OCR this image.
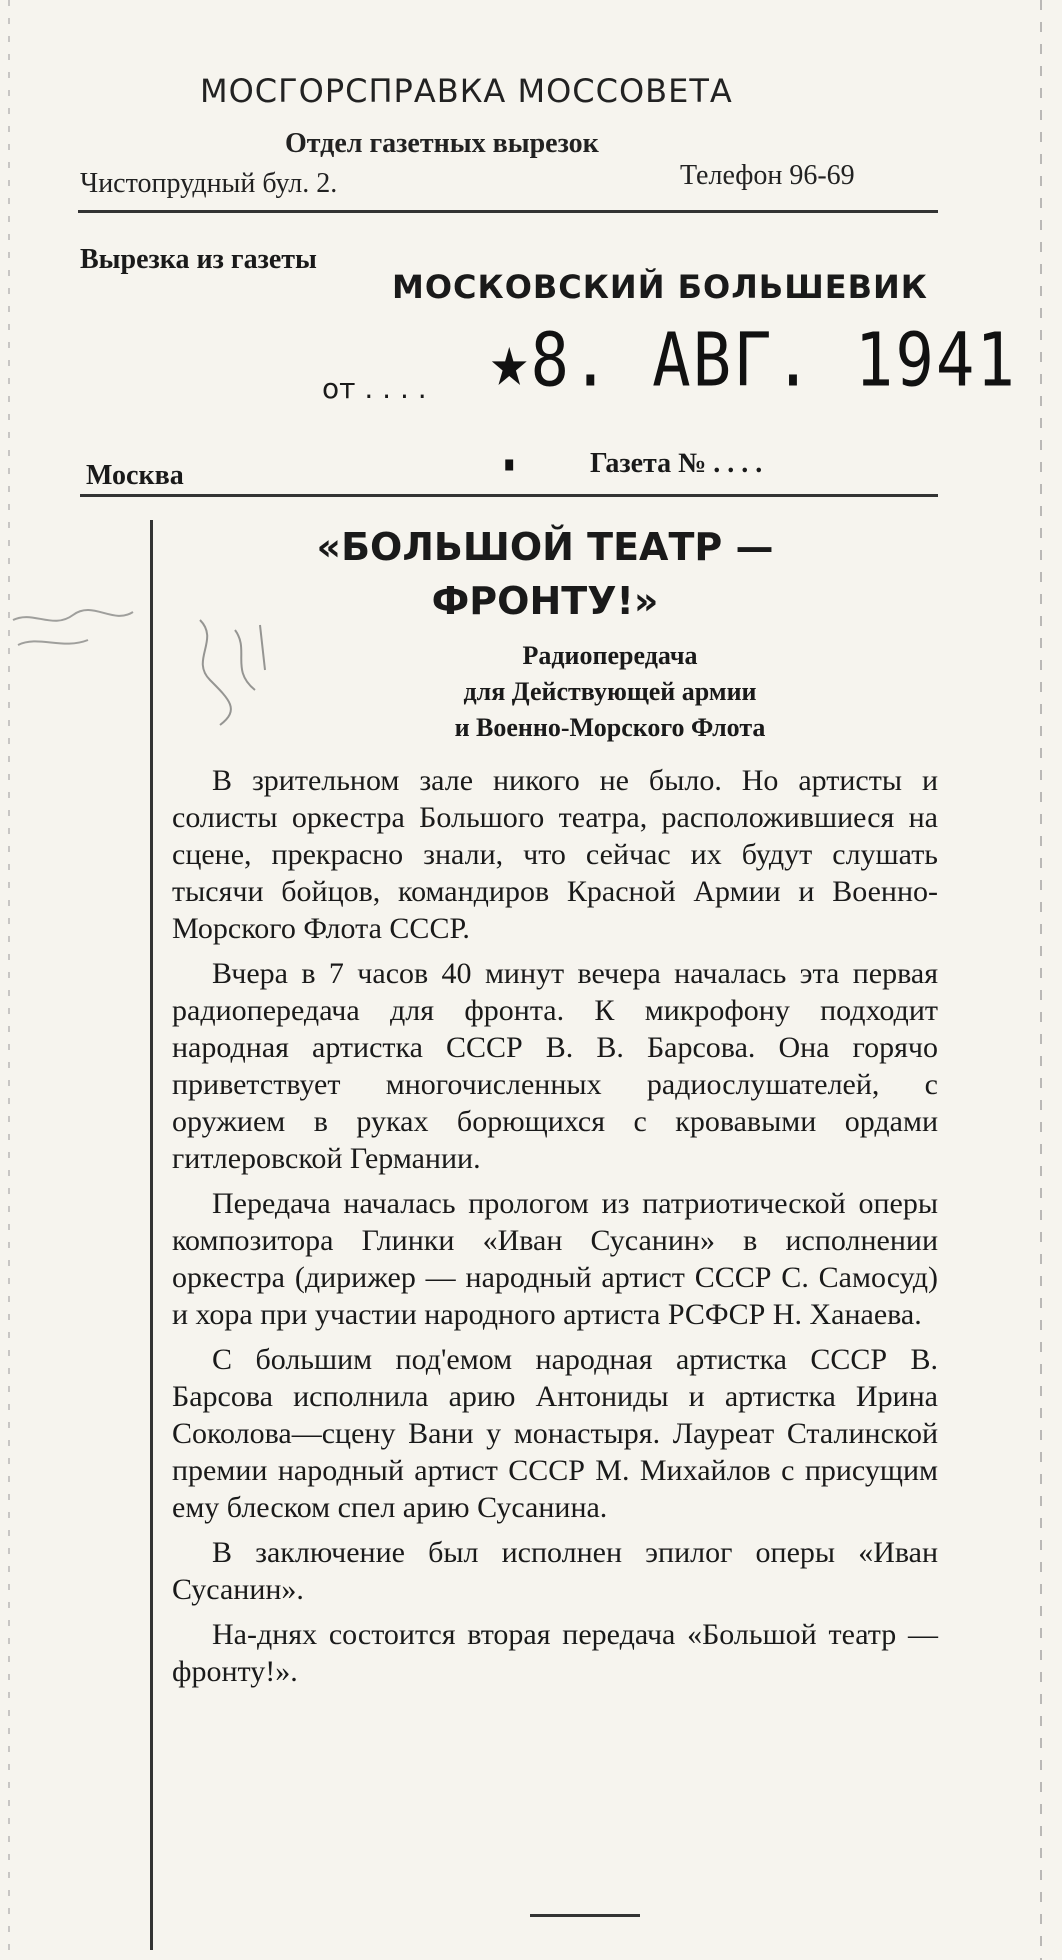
МОСГОРСПРАВКА МОССОВЕТА
Отдел газетных вырезок
Чистопрудный бул. 2.	Телефон 96-69
Вырезка из газеты
МОСКОВСКИЙ БОЛЬШЕВИК
от . . . . ★8. АВГ. 1941 .
Москва	Газета № . . . .
«БОЛЬШОЙ ТЕАТР —
ФРОНТУ!»
Радиопередача
для Действующей армии
и Военно-Морского Флота

В зрительном зале никого не было. Но артисты и солисты оркестра Большого театра, расположившиеся на сцене, прекрасно знали, что сейчас их будут слушать тысячи бойцов, командиров Красной Армии и Военно-Морского Флота СССР.

Вчера в 7 часов 40 минут вечера началась эта первая радиопередача для фронта. К микрофону подходит народная артистка СССР В. В. Барсова. Она горячо приветствует многочисленных радиослушателей, с оружием в руках борющихся с кровавыми ордами гитлеровской Германии.

Передача началась прологом из патриотической оперы композитора Глинки «Иван Сусанин» в исполнении оркестра (дирижер — народный артист СССР С. Самосуд) и хора при участии народного артиста РСФСР Н. Ханаева.

С большим под'емом народная артистка СССР В. Барсова исполнила арию Антониды и артистка Ирина Соколова—сцену Вани у монастыря. Лауреат Сталинской премии народный артист СССР М. Михайлов с присущим ему блеском спел арию Сусанина.

В заключение был исполнен эпилог оперы «Иван Сусанин».

На-днях состоится вторая передача «Большой театр — фронту!».
